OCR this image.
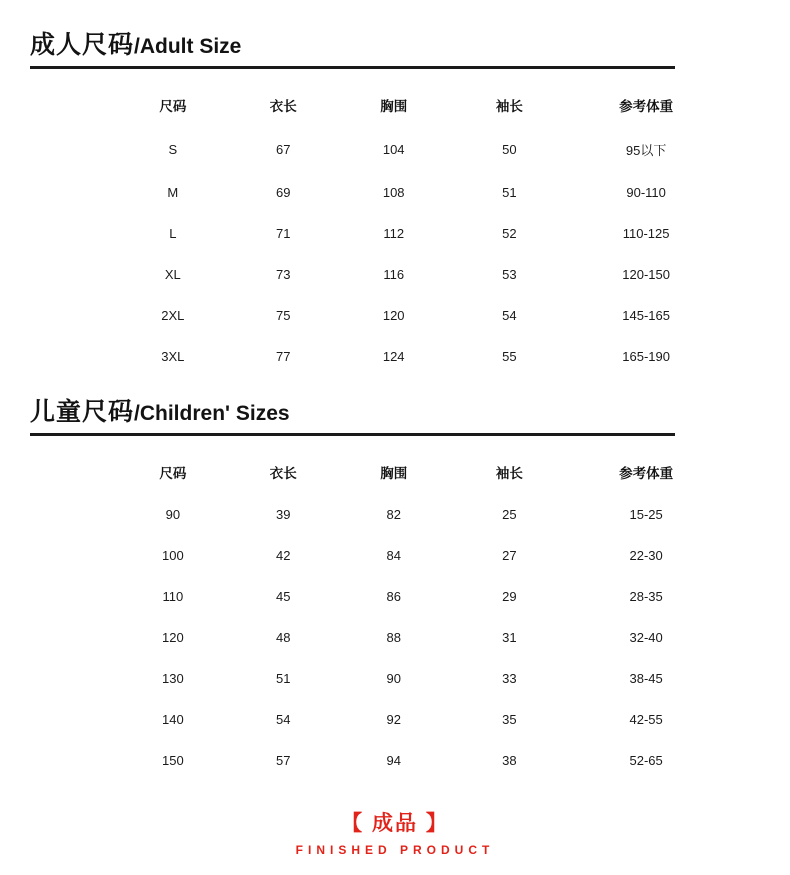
成人尺码/Adult Size
尺码	衣长	胸围	袖长	参考体重
S	67	104	50	95以下
M	69	108	51	90-110
L	71	112	52	110-125
XL	73	116	53	120-150
2XL	75	120	54	145-165
3XL	77	124	55	165-190
儿童尺码/Children' Sizes
尺码	衣长	胸围	袖长	参考体重
90	39	82	25	15-25
100	42	84	27	22-30
110	45	86	29	28-35
120	48	88	31	32-40
130	51	90	33	38-45
140	54	92	35	42-55
150	57	94	38	52-65
【 成品 】
FINISHED PRODUCT
